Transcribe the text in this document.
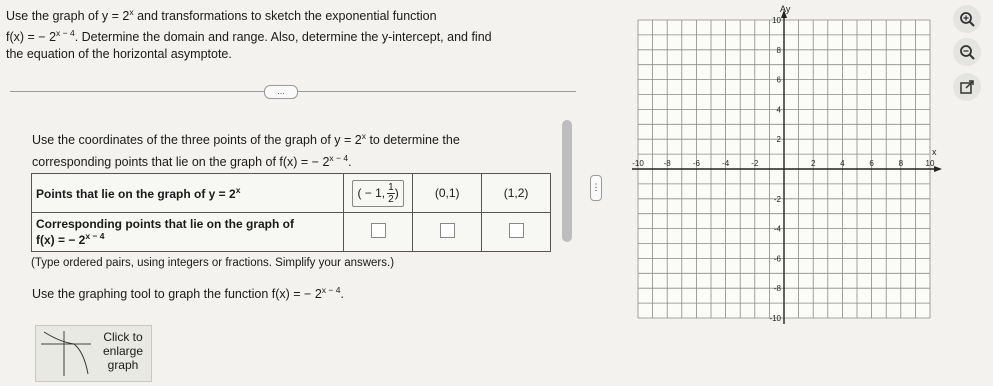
Use the graph of $y = 2^x$ and transformations to sketch the exponential function
f(x) = − $2^{x - 4}$. Determine the domain and range. Also, determine the y-intercept, and find
the equation of the horizontal asymptote.
...
Use the coordinates of the three points of the graph of $y = 2^x$ to determine the
corresponding points that lie on the graph of f(x) = − $2^{x - 4}$.
Points that lie on the graph of $y = 2^x$	( − 1, 1
2 )	(0,1)	(1,2)

Corresponding points that lie on the graph of
f(x) = − $2^{x - 4}$

(Type ordered pairs, using integers or fractions. Simplify your answers.)
Use the graphing tool to graph the function f(x) = − $2^{x - 4}$.
Click to
enlarge
graph
⋮
Ay
x
-10 -8	-6	-4	-2	2	4	6	8	10
10
8
6
4
2
-2
-4
-6
-8
-10
